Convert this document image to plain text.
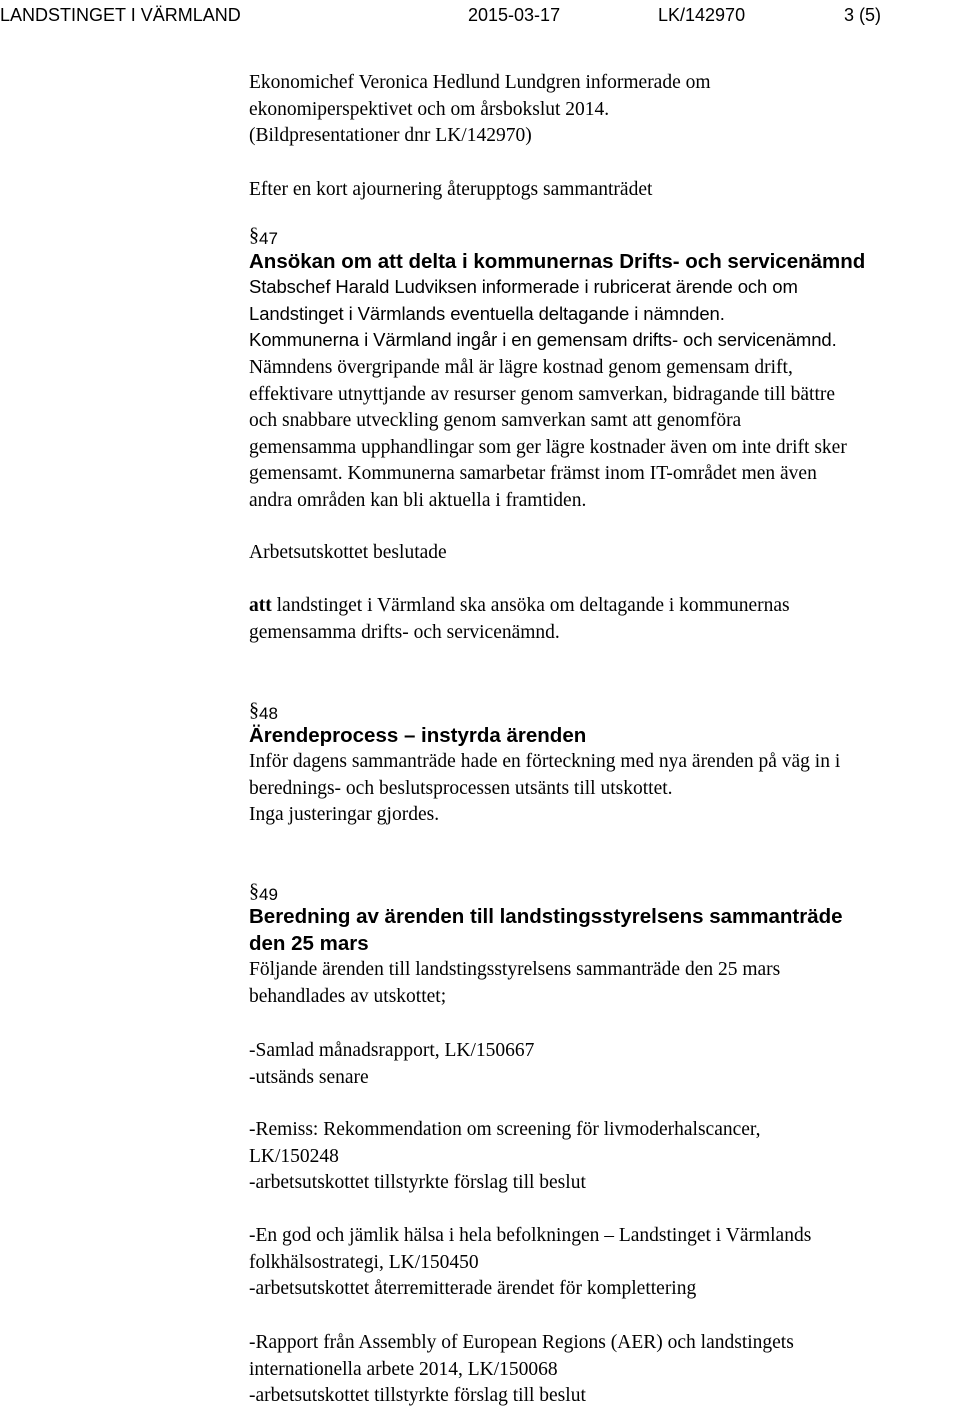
LANDSTINGET I VÄRMLAND	2015-03-17	LK/142970	3 (5)
Ekonomichef Veronica Hedlund Lundgren informerade om
ekonomiperspektivet och om årsbokslut 2014.
(Bildpresentationer dnr LK/142970)
Efter en kort ajournering återupptogs sammanträdet
§47
Ansökan om att delta i kommunernas Drifts- och servicenämnd
Stabschef Harald Ludviksen informerade i rubricerat ärende och om
Landstinget i Värmlands eventuella deltagande i nämnden.
Kommunerna i Värmland ingår i en gemensam drifts- och servicenämnd.
Nämndens övergripande mål är lägre kostnad genom gemensam drift,
effektivare utnyttjande av resurser genom samverkan, bidragande till bättre
och snabbare utveckling genom samverkan samt att genomföra
gemensamma upphandlingar som ger lägre kostnader även om inte drift sker
gemensamt. Kommunerna samarbetar främst inom IT-området men även
andra områden kan bli aktuella i framtiden.
Arbetsutskottet beslutade
att landstinget i Värmland ska ansöka om deltagande i kommunernas
gemensamma drifts- och servicenämnd.
§48
Ärendeprocess – instyrda ärenden
Inför dagens sammanträde hade en förteckning med nya ärenden på väg in i
berednings- och beslutsprocessen utsänts till utskottet.
Inga justeringar gjordes.
§49
Beredning av ärenden till landstingsstyrelsens sammanträde
den 25 mars
Följande ärenden till landstingsstyrelsens sammanträde den 25 mars
behandlades av utskottet;
-Samlad månadsrapport, LK/150667
-utsänds senare
-Remiss: Rekommendation om screening för livmoderhalscancer,
LK/150248
-arbetsutskottet tillstyrkte förslag till beslut
-En god och jämlik hälsa i hela befolkningen – Landstinget i Värmlands
folkhälsostrategi, LK/150450
-arbetsutskottet återremitterade ärendet för komplettering
-Rapport från Assembly of European Regions (AER) och landstingets
internationella arbete 2014, LK/150068
-arbetsutskottet tillstyrkte förslag till beslut
